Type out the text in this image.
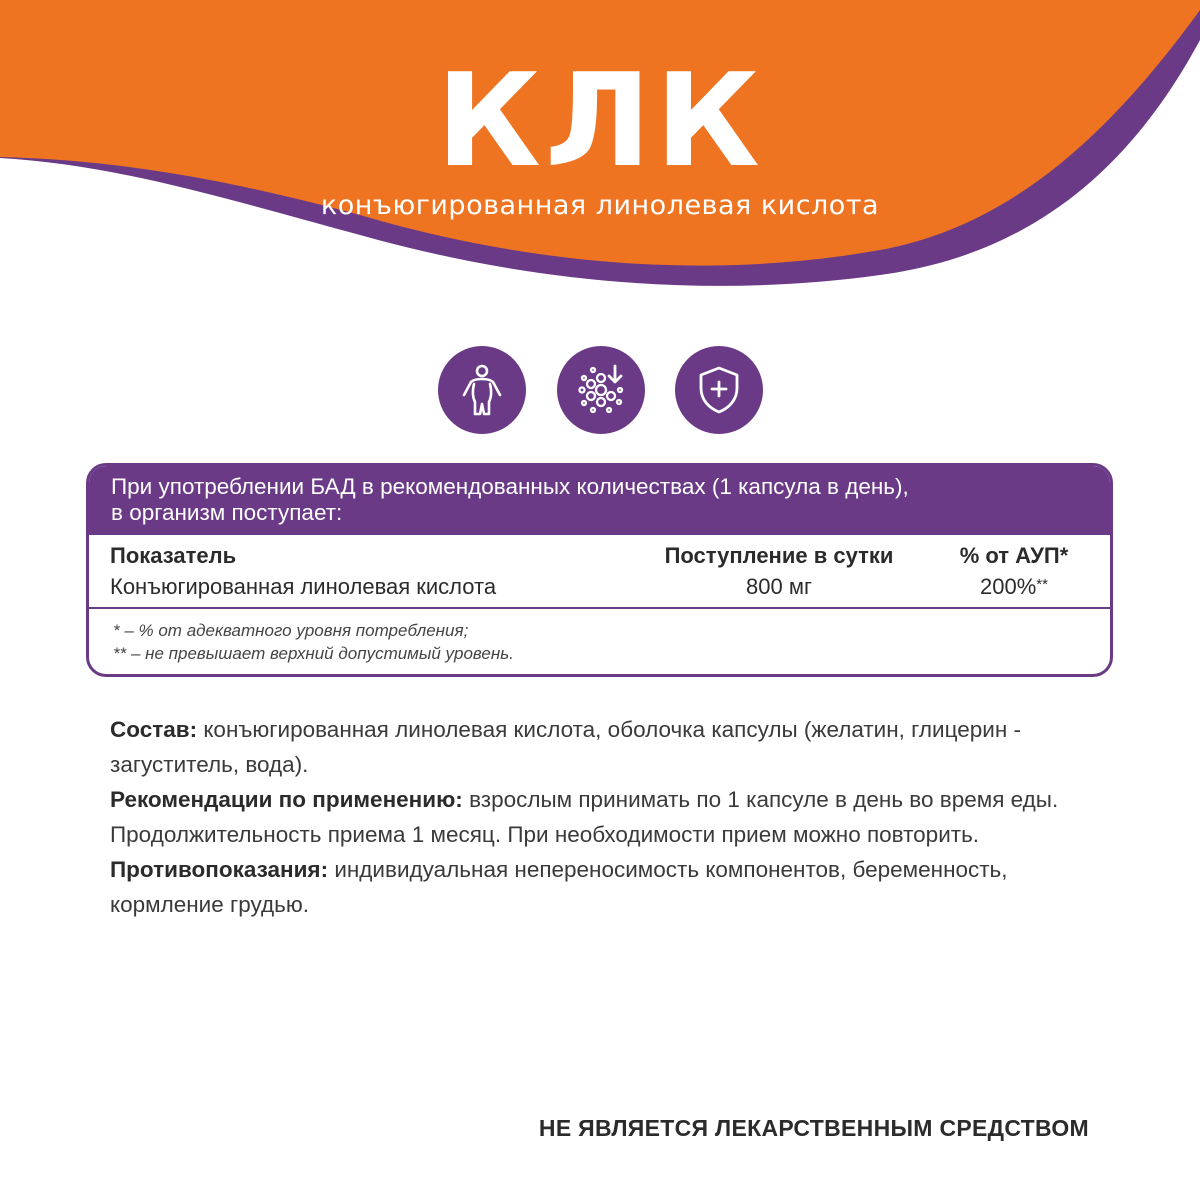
КЛК
конъюгированная линолевая кислота
При употреблении БАД в рекомендованных количествах (1 капсула в день),
в организм поступает:
Показатель	Поступление в сутки	% от АУП*
Конъюгированная линолевая кислота	800 мг	200%**
* – % от адекватного уровня потребления;
** – не превышает верхний допустимый уровень.

Состав: конъюгированная линолевая кислота, оболочка капсулы (желатин, глицерин - загуститель, вода).

Рекомендации по применению: взрослым принимать по 1 капсуле в день во время еды. Продолжительность приема 1 месяц. При необходимости прием можно повторить.

Противопоказания: индивидуальная непереносимость компонентов, беременность, кормление грудью.

НЕ ЯВЛЯЕТСЯ ЛЕКАРСТВЕННЫМ СРЕДСТВОМ
